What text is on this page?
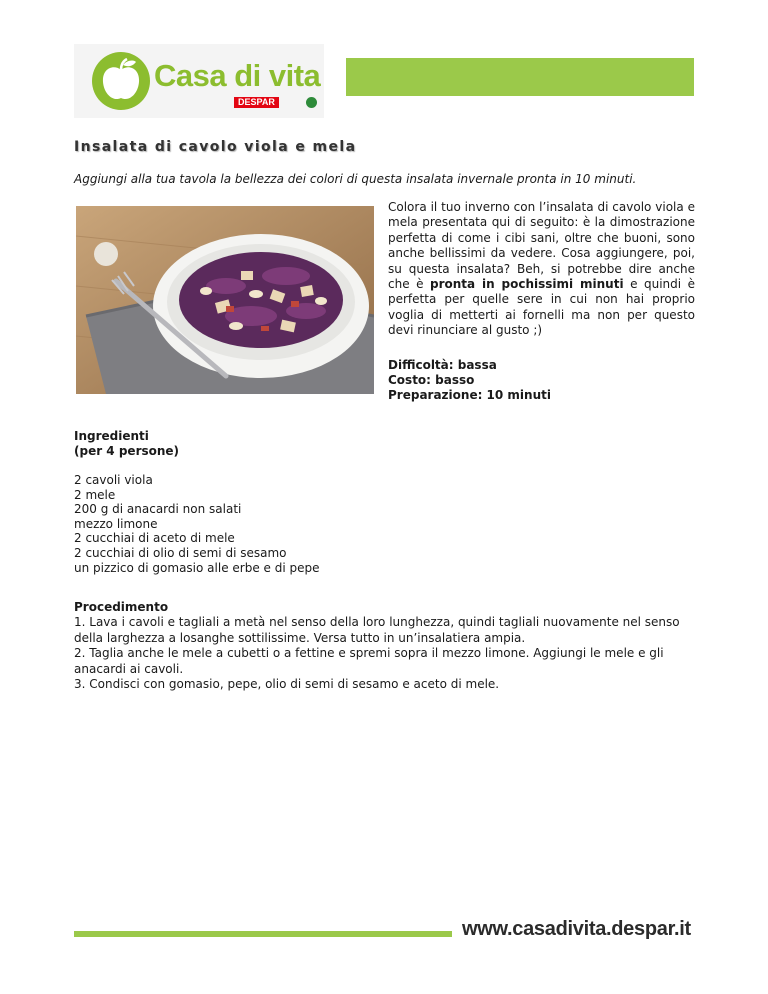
Casa di vita
DESPAR
Insalata di cavolo viola e mela
Aggiungi alla tua tavola la bellezza dei colori di questa insalata invernale pronta in 10 minuti.
Colora il tuo inverno con l’insalata di cavolo viola e mela presentata qui di seguito: è la dimostrazione perfetta di come i cibi sani, oltre che buoni, sono anche bellissimi da vedere. Cosa aggiungere, poi, su questa insalata? Beh, si potrebbe dire anche che è pronta in pochissimi minuti e quindi è perfetta per quelle sere in cui non hai proprio voglia di metterti ai fornelli ma non per questo devi rinunciare al gusto ;)
Difficoltà: bassa
Costo: basso
Preparazione: 10 minuti
Ingredienti
(per 4 persone)
2 cavoli viola
2 mele
200 g di anacardi non salati
mezzo limone
2 cucchiai di aceto di mele
2 cucchiai di olio di semi di sesamo
un pizzico di gomasio alle erbe e di pepe
Procedimento
1. Lava i cavoli e tagliali a metà nel senso della loro lunghezza, quindi tagliali nuovamente nel senso della larghezza a losanghe sottilissime. Versa tutto in un’insalatiera ampia.
2. Taglia anche le mele a cubetti o a fettine e spremi sopra il mezzo limone. Aggiungi le mele e gli anacardi ai cavoli.
3. Condisci con gomasio, pepe, olio di semi di sesamo e aceto di mele.
www.casadivita.despar.it
